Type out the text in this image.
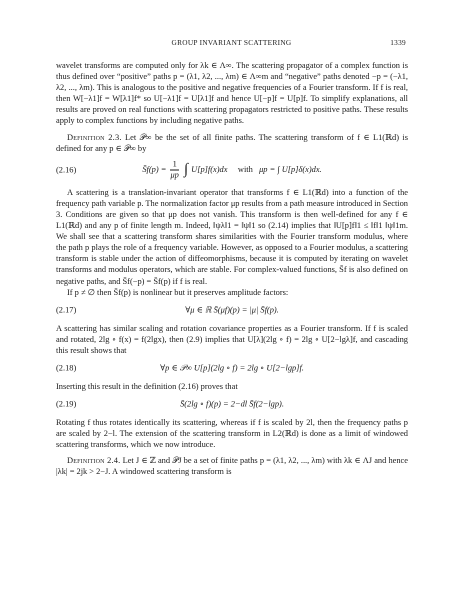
GROUP INVARIANT SCATTERING	1339

wavelet transforms are computed only for λk ∈ Λ∞. The scattering propagator of a complex function is thus defined over “positive” paths p = (λ1, λ2, ..., λm) ∈ Λ∞m and “negative” paths denoted −p = (−λ1, λ2, ..., λm). This is analogous to the positive and negative frequencies of a Fourier transform. If f is real, then W[−λ1]f = W[λ1]f* so U[−λ1]f = U[λ1]f and hence U[−p]f = U[p]f. To simplify explanations, all results are proved on real functions with scattering propagators restricted to positive paths. These results apply to complex functions by including negative paths.

Definition 2.3. Let 𝒫∞ be the set of all finite paths. The scattering transform of f ∈ L1(ℝd) is defined for any p ∈ 𝒫∞ by

(2.16)	S̄f(p) = $\frac{1}{\mu p}$ ∫ U[p]f(x)dx with μp = ∫ U[p]δ(x)dx.

A scattering is a translation-invariant operator that transforms f ∈ L1(ℝd) into a function of the frequency path variable p. The normalization factor μp results from a path measure introduced in Section 3. Conditions are given so that μp does not vanish. This transform is then well-defined for any f ∈ L1(ℝd) and any p of finite length m. Indeed, ‖ψλ‖1 = ‖ψ‖1 so (2.14) implies that ‖U[p]f‖1 ≤ ‖f‖1 ‖ψ‖1m. We shall see that a scattering transform shares similarities with the Fourier transform modulus, where the path p plays the role of a frequency variable. However, as opposed to a Fourier modulus, a scattering transform is stable under the action of diffeomorphisms, because it is computed by iterating on wavelet transforms and modulus operators, which are stable. For complex-valued functions, S̄f is also defined on negative paths, and S̄f(−p) = S̄f(p) if f is real.

If p ≠ ∅ then S̄f(p) is nonlinear but it preserves amplitude factors:

(2.17)	∀μ ∈ ℝ S̄(μf)(p) = |μ| S̄f(p).

A scattering has similar scaling and rotation covariance properties as a Fourier transform. If f is scaled and rotated, 2lg ∘ f(x) = f(2lgx), then (2.9) implies that U[λ](2lg ∘ f) = 2lg ∘ U[2−lgλ]f, and cascading this result shows that

(2.18)	∀p ∈ 𝒫∞ U[p](2lg ∘ f) = 2lg ∘ U[2−lgp]f.

Inserting this result in the definition (2.16) proves that

(2.19)	S̄(2lg ∘ f)(p) = 2−dl S̄f(2−lgp).

Rotating f thus rotates identically its scattering, whereas if f is scaled by 2l, then the frequency paths p are scaled by 2−l. The extension of the scattering transform in L2(ℝd) is done as a limit of windowed scattering transforms, which we now introduce.

Definition 2.4. Let J ∈ ℤ and 𝒫J be a set of finite paths p = (λ1, λ2, ..., λm) with λk ∈ ΛJ and hence |λk| = 2jk > 2−J. A windowed scattering transform is
